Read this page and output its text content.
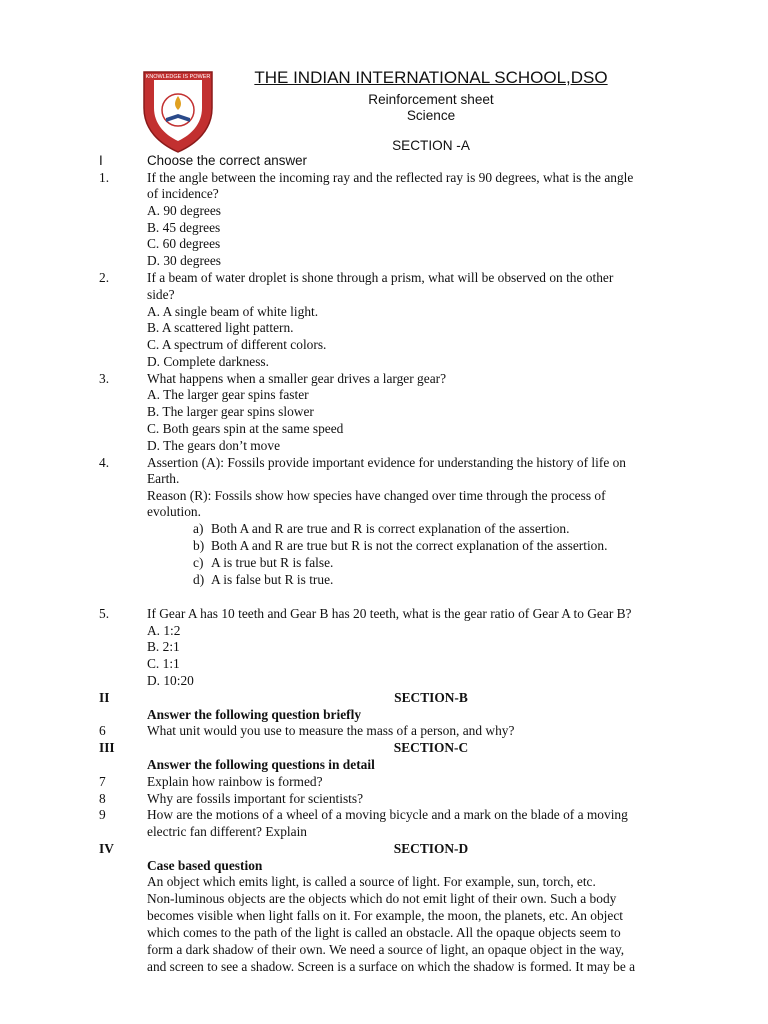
KNOWLEDGE IS POWER	THE INDIAN INTERNATIONAL SCHOOL,DSO
Reinforcement sheet
Science
SECTION -A
I	Choose the correct answer
1.	If the angle between the incoming ray and the reflected ray is 90 degrees, what is the angle
of incidence?
A. 90 degrees
B. 45 degrees
C. 60 degrees
D. 30 degrees
2.	If a beam of water droplet is shone through a prism, what will be observed on the other
side?
A. A single beam of white light.
B. A scattered light pattern.
C. A spectrum of different colors.
D. Complete darkness.
3.	What happens when a smaller gear drives a larger gear?
A. The larger gear spins faster
B. The larger gear spins slower
C. Both gears spin at the same speed
D. The gears don’t move
4.	Assertion (A): Fossils provide important evidence for understanding the history of life on
Earth.
Reason (R): Fossils show how species have changed over time through the process of
evolution.
a) Both A and R are true and R is correct explanation of the assertion.
b) Both A and R are true but R is not the correct explanation of the assertion.
c) A is true but R is false.
d) A is false but R is true.
5.	If Gear A has 10 teeth and Gear B has 20 teeth, what is the gear ratio of Gear A to Gear B?
A. 1:2
B. 2:1
C. 1:1
D. 10:20
II	SECTION-B
Answer the following question briefly
6	What unit would you use to measure the mass of a person, and why?
III	SECTION-C
Answer the following questions in detail
7	Explain how rainbow is formed?
8	Why are fossils important for scientists?
9	How are the motions of a wheel of a moving bicycle and a mark on the blade of a moving
electric fan different? Explain
IV	SECTION-D
Case based question
An object which emits light, is called a source of light. For example, sun, torch, etc.
Non-luminous objects are the objects which do not emit light of their own. Such a body
becomes visible when light falls on it. For example, the moon, the planets, etc. An object
which comes to the path of the light is called an obstacle. All the opaque objects seem to
form a dark shadow of their own. We need a source of light, an opaque object in the way,
and screen to see a shadow. Screen is a surface on which the shadow is formed. It may be a
